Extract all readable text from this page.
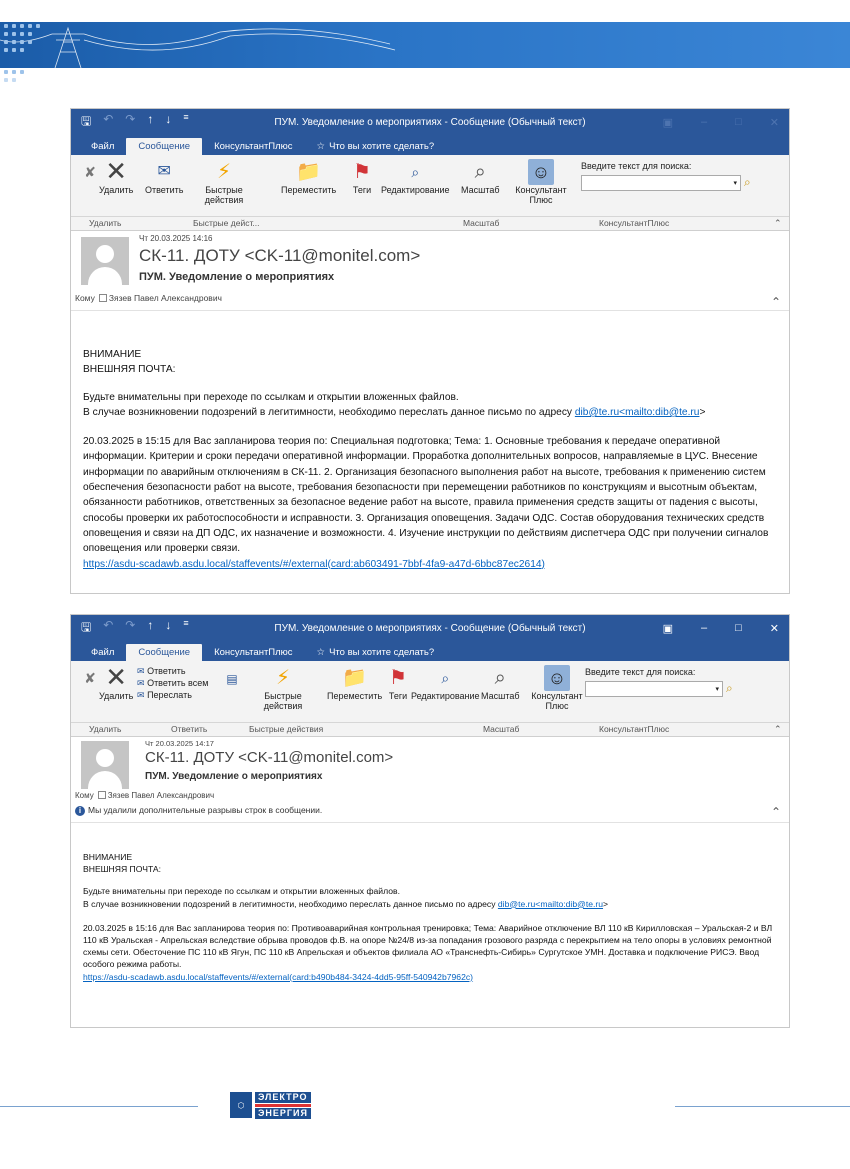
🖫 ↶ ↷ ↑ ↓ ≡	ПУМ. Уведомление о мероприятиях - Сообщение (Обычный текст)	▣	–	□	✕
Файл	Сообщение	КонсультантПлюс	☆ Что вы хотите сделать?
✘ ✕
Удалить
✉
Ответить
⚡
Быстрые действия
📁
Переместить
⚑
Теги
⌕
Редактирование
⌕
Масштаб
☺
Консультант Плюс
Введите текст для поиска:
▾ ⌕
Удалить	Быстрые дейст...	Масштаб	КонсультантПлюс	⌃
Чт 20.03.2025 14:16
СК-11. ДОТУ <CK-11@monitel.com>
ПУМ. Уведомление о мероприятиях
Кому Зязев Павел Александрович	⌃

ВНИМАНИЕ

ВНЕШНЯЯ ПОЧТА:

Будьте внимательны при переходе по ссылкам и открытии вложенных файлов.

В случае возникновении подозрений в легитимности, необходимо переслать данное письмо по адресу dib@te.ru<mailto:dib@te.ru>

20.03.2025 в 15:15 для Вас запланирова теория по: Специальная подготовка; Тема: 1. Основные требования к передаче оперативной информации. Критерии и сроки передачи оперативной информации. Проработка дополнительных вопросов, направляемые в ЦУС. Внесение информации по аварийным отключениям в СК-11. 2. Организация безопасного выполнения работ на высоте, требования к применению систем обеспечения безопасности работ на высоте, требования безопасности при перемещении работников по конструкциям и высотным объектам, обязанности работников, ответственных за безопасное ведение работ на высоте, правила применения средств защиты от падения с высоты, способы проверки их работоспособности и исправности. 3. Организация оповещения. Задачи ОДС. Состав оборудования технических средств оповещения и связи на ДП ОДС, их назначение и возможности. 4. Изучение инструкции по действиям диспетчера ОДС при получении сигналов оповещения или проверки связи.

https://asdu-scadawb.asdu.local/staffevents/#/external(card:ab603491-7bbf-4fa9-a47d-6bbc87ec2614)

🖫 ↶ ↷ ↑ ↓ ≡	ПУМ. Уведомление о мероприятиях - Сообщение (Обычный текст)	▣	–	□	✕
Файл	Сообщение	КонсультантПлюс	☆ Что вы хотите сделать?
✘ ✕
Удалить
✉ Ответить
✉ Ответить всем
✉ Переслать
▤	⚡
Быстрые действия
📁
Переместить
⚑
Теги
⌕
Редактирование
⌕
Масштаб
☺
Консультант Плюс
Введите текст для поиска:
▾ ⌕
Удалить	Ответить	Быстрые действия	Масштаб	КонсультантПлюс	⌃
Чт 20.03.2025 14:17
СК-11. ДОТУ <CK-11@monitel.com>
ПУМ. Уведомление о мероприятиях
Кому Зязев Павел Александрович
i Мы удалили дополнительные разрывы строк в сообщении.	⌃

ВНИМАНИЕ

ВНЕШНЯЯ ПОЧТА:

Будьте внимательны при переходе по ссылкам и открытии вложенных файлов.

В случае возникновении подозрений в легитимности, необходимо переслать данное письмо по адресу dib@te.ru<mailto:dib@te.ru>

20.03.2025 в 15:16 для Вас запланирова теория по: Противоаварийная контрольная тренировка; Тема: Аварийное отключение ВЛ 110 кВ Кирилловская – Уральская-2 и ВЛ 110 кВ Уральская - Апрельская вследствие обрыва проводов ф.В. на опоре №24/8 из-за попадания грозового разряда с перекрытием на тело опоры в условиях ремонтной схемы сети. Обесточение ПС 110 кВ Ягун, ПС 110 кВ Апрельская и объектов филиала АО «Транснефть-Сибирь» Сургутское УМН. Доставка и подключение РИСЭ. Ввод особого режима работы.

https://asdu-scadawb.asdu.local/staffevents/#/external(card:b490b484-3424-4dd5-95ff-540942b7962c)

⬡
ЭЛЕКТРО
ЭНЕРГИЯ
